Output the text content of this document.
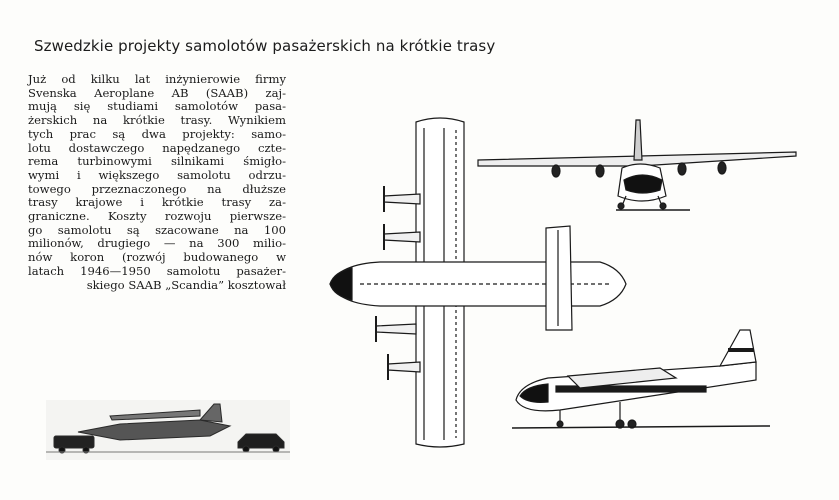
Szwedzkie projekty samolotów pasażerskich na krótkie trasy
Już od kilku lat inżynierowie firmy
Svenska Aeroplane AB (SAAB) zaj-
mują się studiami samolotów pasa-
żerskich na krótkie trasy. Wynikiem
tych prac są dwa projekty: samo-
lotu dostawczego napędzanego czte-
rema turbinowymi silnikami śmigło-
wymi i większego samolotu odrzu-
towego przeznaczonego na dłuższe
trasy krajowe i krótkie trasy za-
graniczne. Koszty rozwoju pierwsze-
go samolotu są szacowane na 100
milionów, drugiego — na 300 milio-
nów koron (rozwój budowanego w
latach 1946—1950 samolotu pasażer-
skiego SAAB „Scandia” kosztował
